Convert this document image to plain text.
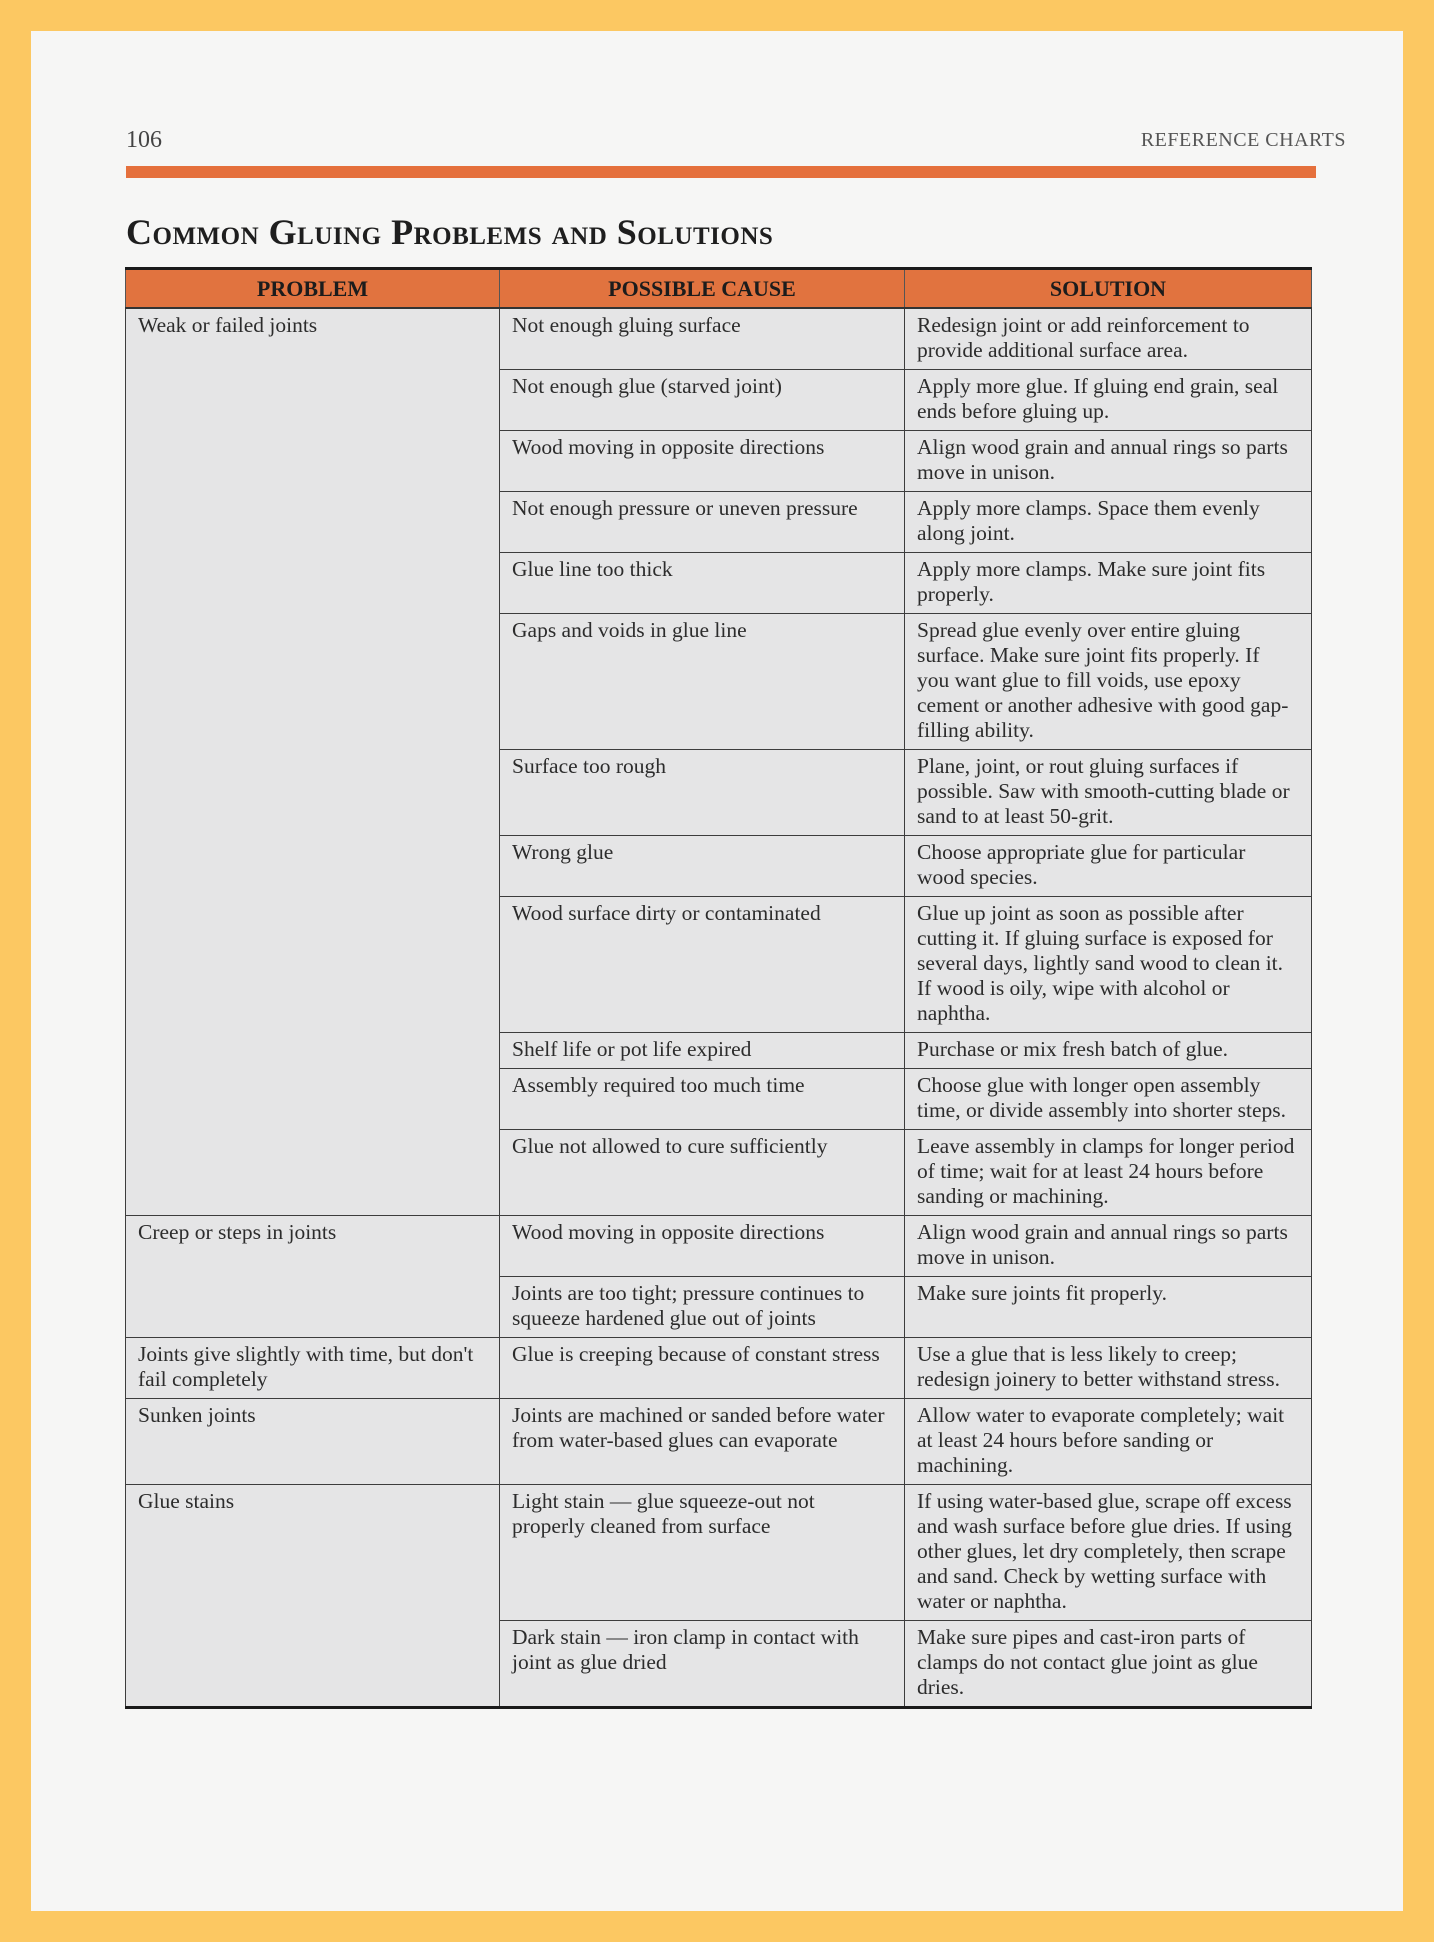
106	REFERENCE CHARTS
Common Gluing Problems and Solutions
PROBLEM	POSSIBLE CAUSE	SOLUTION
Weak or failed joints	Not enough gluing surface	Redesign joint or add reinforcement to provide additional surface area.
	Not enough glue (starved joint)	Apply more glue. If gluing end grain, seal ends before gluing up.
	Wood moving in opposite directions	Align wood grain and annual rings so parts move in unison.
	Not enough pressure or uneven pressure	Apply more clamps. Space them evenly along joint.
	Glue line too thick	Apply more clamps. Make sure joint fits properly.
	Gaps and voids in glue line	Spread glue evenly over entire gluing surface. Make sure joint fits properly. If you want glue to fill voids, use epoxy cement or another adhesive with good gap-filling ability.
	Surface too rough	Plane, joint, or rout gluing surfaces if possible. Saw with smooth-cutting blade or sand to at least 50-grit.
	Wrong glue	Choose appropriate glue for particular wood species.
	Wood surface dirty or contaminated	Glue up joint as soon as possible after cutting it. If gluing surface is exposed for several days, lightly sand wood to clean it. If wood is oily, wipe with alcohol or naphtha.
	Shelf life or pot life expired	Purchase or mix fresh batch of glue.
	Assembly required too much time	Choose glue with longer open assembly time, or divide assembly into shorter steps.
	Glue not allowed to cure sufficiently	Leave assembly in clamps for longer period of time; wait for at least 24 hours before sanding or machining.
Creep or steps in joints	Wood moving in opposite directions	Align wood grain and annual rings so parts move in unison.
	Joints are too tight; pressure continues to squeeze hardened glue out of joints	Make sure joints fit properly.
Joints give slightly with time, but don't fail completely	Glue is creeping because of constant stress	Use a glue that is less likely to creep; redesign joinery to better withstand stress.
Sunken joints	Joints are machined or sanded before water from water-based glues can evaporate	Allow water to evaporate completely; wait at least 24 hours before sanding or machining.
Glue stains	Light stain — glue squeeze-out not properly cleaned from surface	If using water-based glue, scrape off excess and wash surface before glue dries. If using other glues, let dry completely, then scrape and sand. Check by wetting surface with water or naphtha.
	Dark stain — iron clamp in contact with joint as glue dried	Make sure pipes and cast-iron parts of clamps do not contact glue joint as glue dries.
